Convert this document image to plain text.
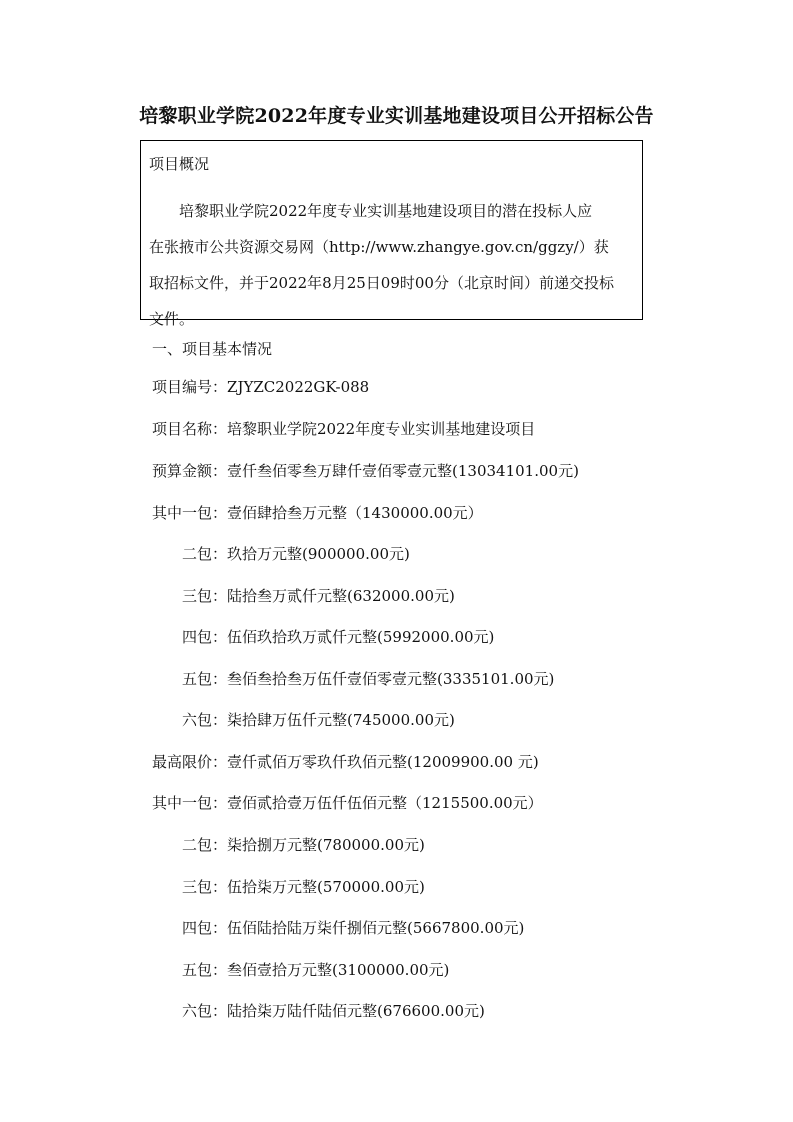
培黎职业学院2022年度专业实训基地建设项目公开招标公告
项目概况
培黎职业学院2022年度专业实训基地建设项目的潜在投标人应
在张掖市公共资源交易网（http://www.zhangye.gov.cn/ggzy/）获
取招标文件，并于2022年8月25日09时00分（北京时间）前递交投标
文件。
一、项目基本情况
项目编号：ZJYZC2022GK-088
项目名称：培黎职业学院2022年度专业实训基地建设项目
预算金额：壹仟叁佰零叁万肆仟壹佰零壹元整(13034101.00元)
其中一包：壹佰肆拾叁万元整（1430000.00元）
二包：玖拾万元整(900000.00元)
三包：陆拾叁万贰仟元整(632000.00元)
四包：伍佰玖拾玖万贰仟元整(5992000.00元)
五包：叁佰叁拾叁万伍仟壹佰零壹元整(3335101.00元)
六包：柒拾肆万伍仟元整(745000.00元)
最高限价：壹仟贰佰万零玖仟玖佰元整(12009900.00 元)
其中一包：壹佰贰拾壹万伍仟伍佰元整（1215500.00元）
二包：柒拾捌万元整(780000.00元)
三包：伍拾柒万元整(570000.00元)
四包：伍佰陆拾陆万柒仟捌佰元整(5667800.00元)
五包：叁佰壹拾万元整(3100000.00元)
六包：陆拾柒万陆仟陆佰元整(676600.00元)
